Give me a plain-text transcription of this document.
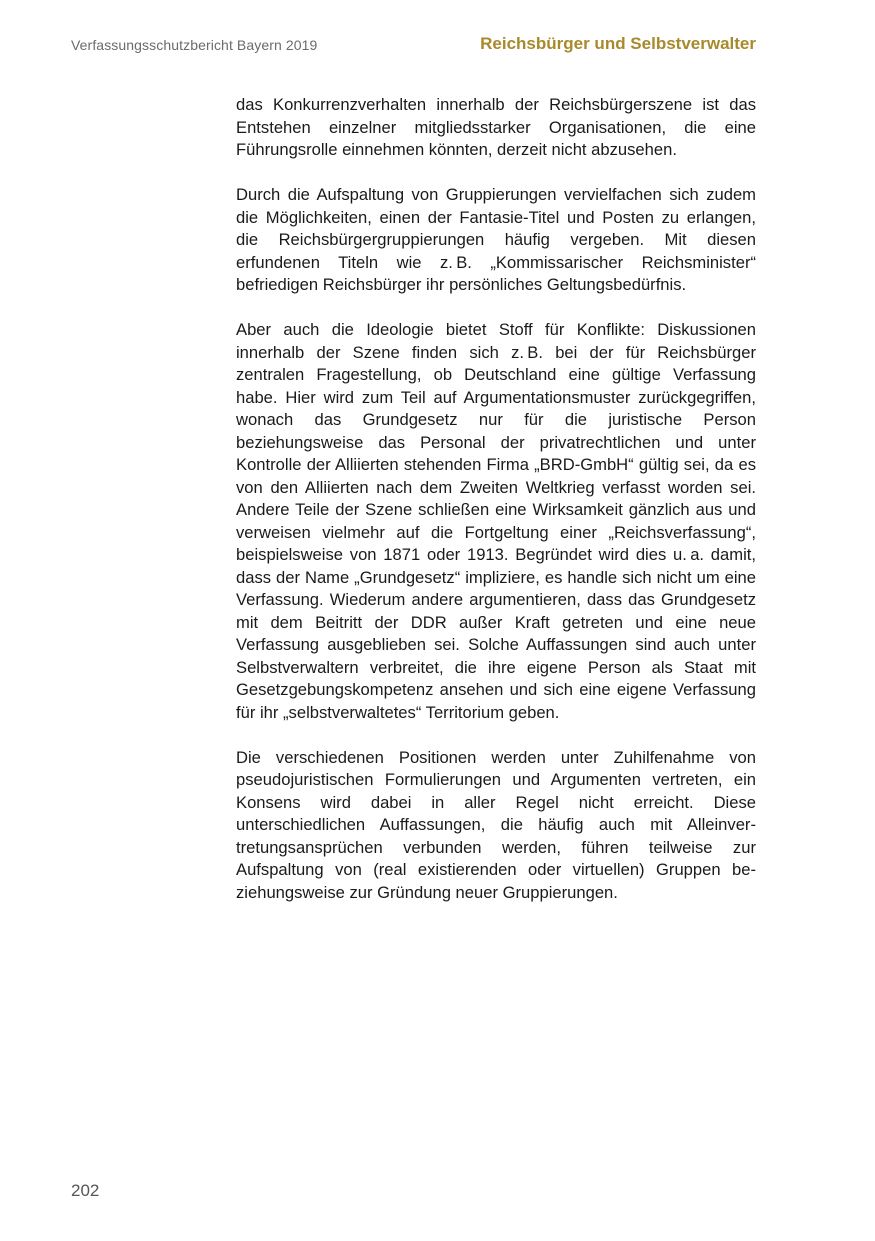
Verfassungsschutzbericht Bayern 2019	Reichsbürger und Selbstverwalter

das Konkurrenzverhalten innerhalb der Reichsbürgerszene ist das Entstehen einzelner mitgliedsstarker Organisationen, die eine Führungsrolle einnehmen könnten, derzeit nicht abzusehen.

Durch die Aufspaltung von Gruppierungen vervielfachen sich zudem die Möglichkeiten, einen der Fantasie-Titel und Posten zu erlangen, die Reichsbürgergruppierungen häufig vergeben. Mit diesen erfundenen Titeln wie z. B. „Kommissarischer Reichsminister“ befriedigen Reichsbürger ihr persönliches Geltungsbedürfnis.

Aber auch die Ideologie bietet Stoff für Konflikte: Diskussionen innerhalb der Szene finden sich z. B. bei der für Reichsbürger zentralen Fragestellung, ob Deutschland eine gültige Verfassung habe. Hier wird zum Teil auf Argumentationsmuster zurückgegriffen, wonach das Grundgesetz nur für die juristische Person beziehungsweise das Personal der privatrechtlichen und unter Kontrolle der Alliierten stehenden Firma „BRD-GmbH“ gültig sei, da es von den Alliierten nach dem Zweiten Weltkrieg verfasst worden sei. Andere Teile der Szene schließen eine Wirksamkeit gänzlich aus und verweisen vielmehr auf die Fortgeltung einer „Reichsverfassung“, beispielsweise von 1871 oder 1913. Begründet wird dies u. a. damit, dass der Name „Grundgesetz“ impliziere, es handle sich nicht um eine Verfassung. Wiederum andere argumentieren, dass das Grundgesetz mit dem Beitritt der DDR außer Kraft getreten und eine neue Verfassung ausgeblieben sei. Solche Auffassungen sind auch unter Selbstverwaltern verbreitet, die ihre eigene Person als Staat mit Gesetzgebungskompetenz ansehen und sich eine eigene Verfassung für ihr „selbstverwaltetes“ Territorium geben.

Die verschiedenen Positionen werden unter Zuhilfenahme von pseudojuristischen Formulierungen und Argumenten vertreten, ein Konsens wird dabei in aller Regel nicht erreicht. Diese unterschiedlichen Auffassungen, die häufig auch mit Alleinvertretungsansprüchen verbunden werden, führen teilweise zur Aufspaltung von (real existierenden oder virtuellen) Gruppen beziehungsweise zur Gründung neuer Gruppierungen.

202
